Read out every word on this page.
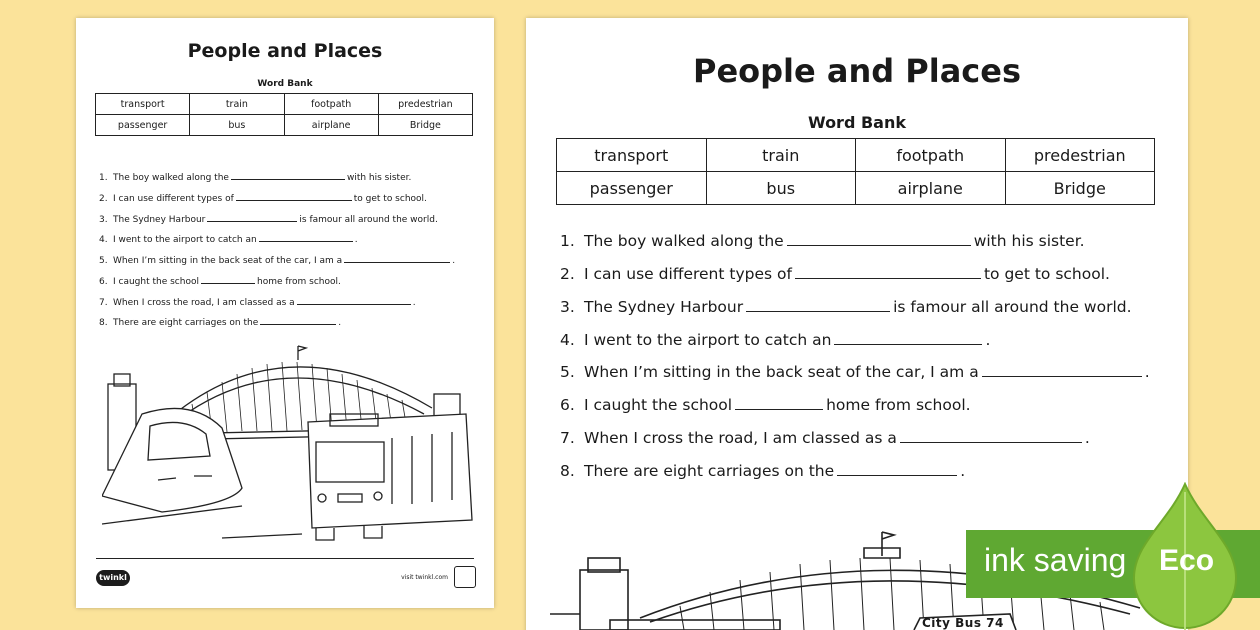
People and Places
Word Bank
transport	train	footpath	predestrian
passenger	bus	airplane	Bridge
1. The boy walked along the	with his sister.
2. I can use different types of	to get to school.
3. The Sydney Harbour	is famour all around the world.
4. I went to the airport to catch an	.
5. When I’m sitting in the back seat of the car, I am a	.
6. I caught the school	home from school.
7. When I cross the road, I am classed as a	.
8. There are eight carriages on the	.
twinkl	visit twinkl.com
People and Places
Word Bank
transport	train	footpath	predestrian
passenger	bus	airplane	Bridge
1. The boy walked along the	with his sister.
2. I can use different types of	to get to school.
3. The Sydney Harbour	is famour all around the world.
4. I went to the airport to catch an	.
5. When I’m sitting in the back seat of the car, I am a	.
6. I caught the school	home from school.
7. When I cross the road, I am classed as a	.
8. There are eight carriages on the	.
City Bus 74
ink saving Eco
